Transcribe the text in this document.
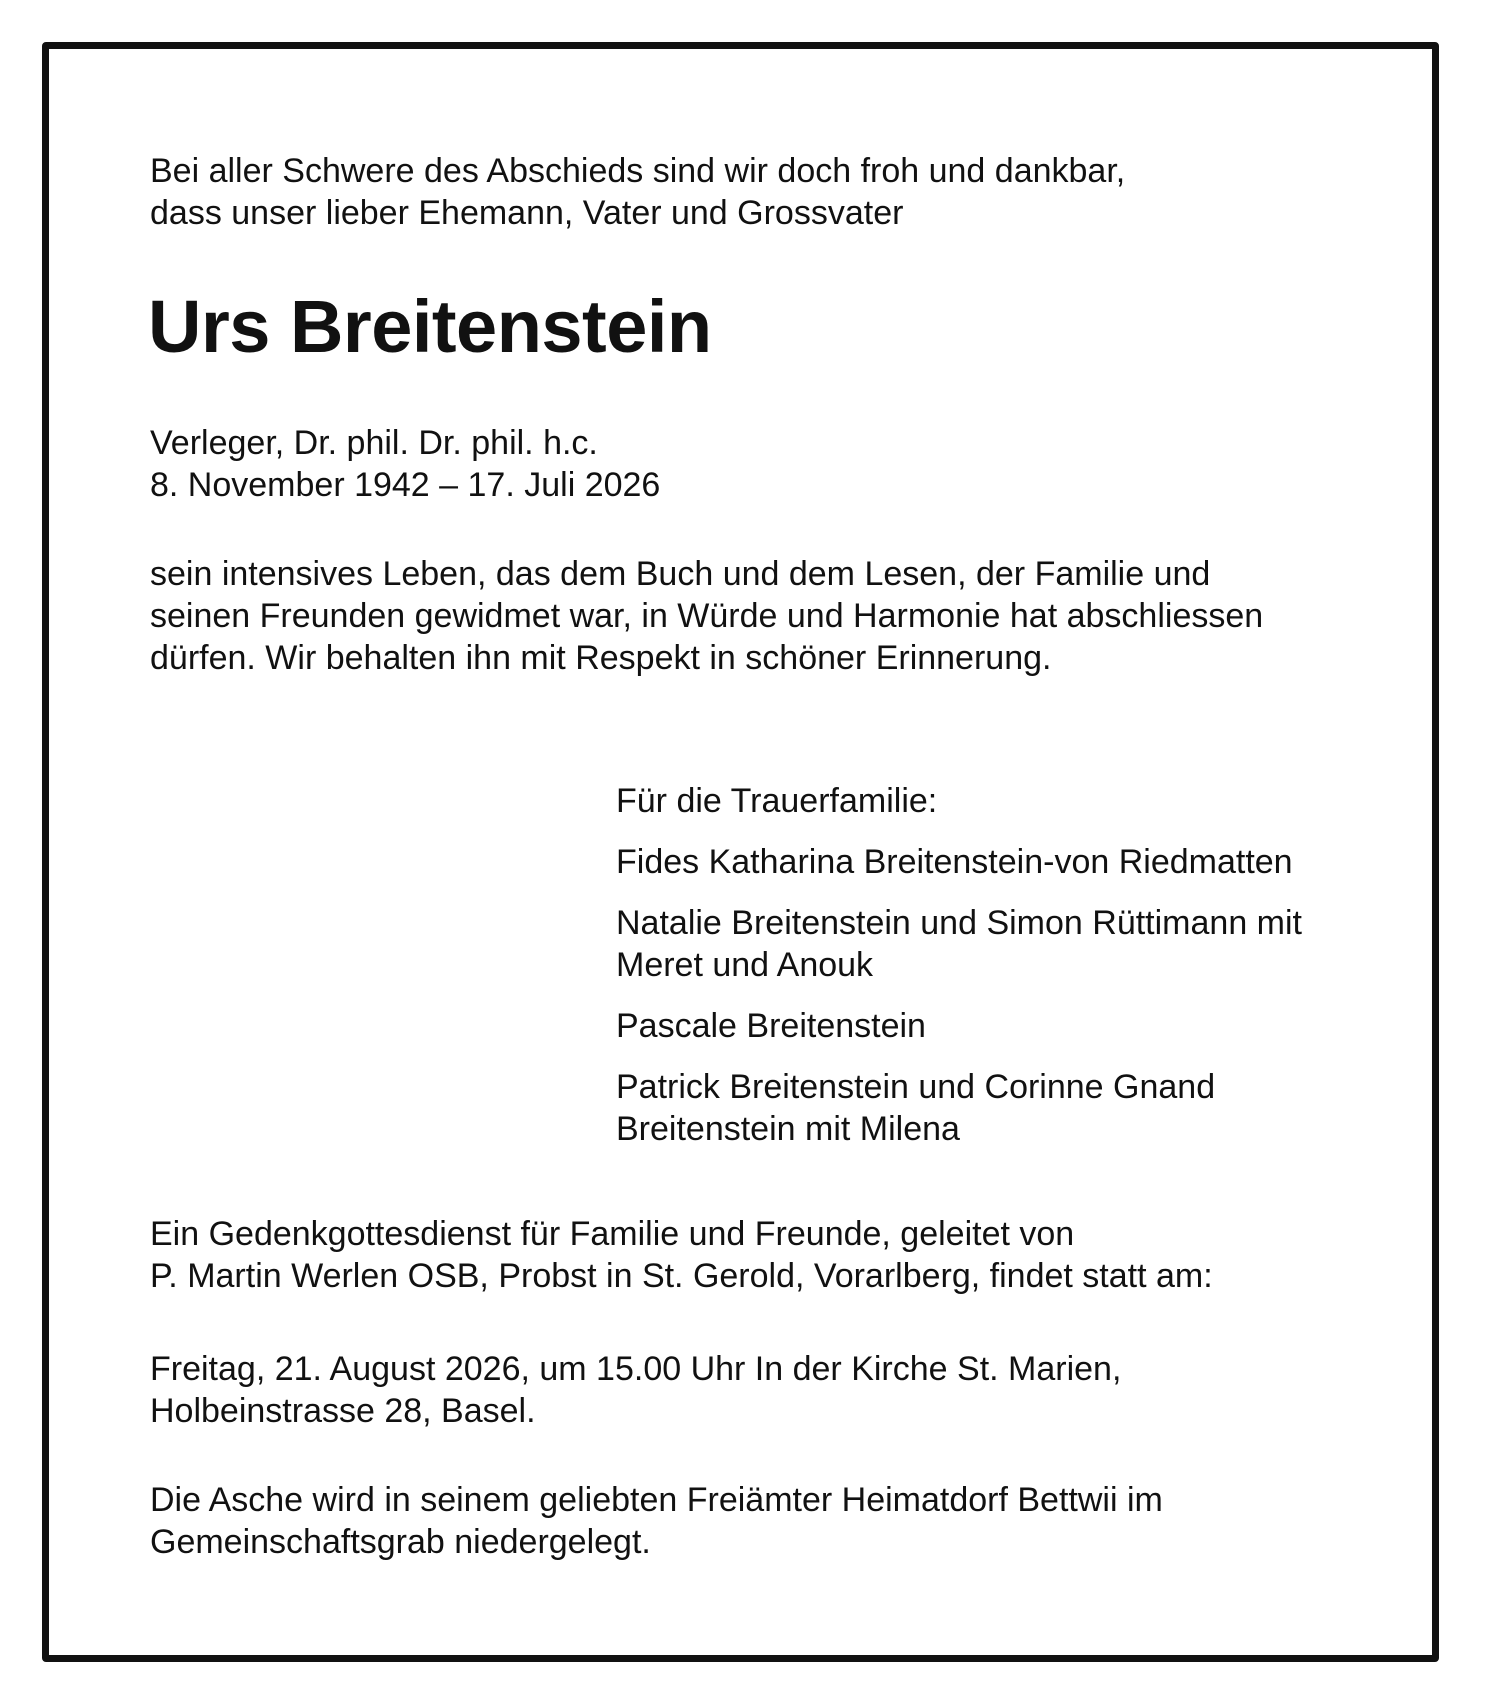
Bei aller Schwere des Abschieds sind wir doch froh und dankbar,
dass unser lieber Ehemann, Vater und Grossvater

Urs Breitenstein

Verleger, Dr. phil. Dr. phil. h.c.
8. November 1942 – 17. Juli 2026

sein intensives Leben, das dem Buch und dem Lesen, der Familie und
seinen Freunden gewidmet war, in Würde und Harmonie hat abschliessen
dürfen. Wir behalten ihn mit Respekt in schöner Erinnerung.

Für die Trauerfamilie:
Fides Katharina Breitenstein-von Riedmatten
Natalie Breitenstein und Simon Rüttimann mit
Meret und Anouk
Pascale Breitenstein
Patrick Breitenstein und Corinne Gnand
Breitenstein mit Milena

Ein Gedenkgottesdienst für Familie und Freunde, geleitet von
P. Martin Werlen OSB, Probst in St. Gerold, Vorarlberg, findet statt am:

Freitag, 21. August 2026, um 15.00 Uhr In der Kirche St. Marien,
Holbeinstrasse 28, Basel.

Die Asche wird in seinem geliebten Freiämter Heimatdorf Bettwii im
Gemeinschaftsgrab niedergelegt.
